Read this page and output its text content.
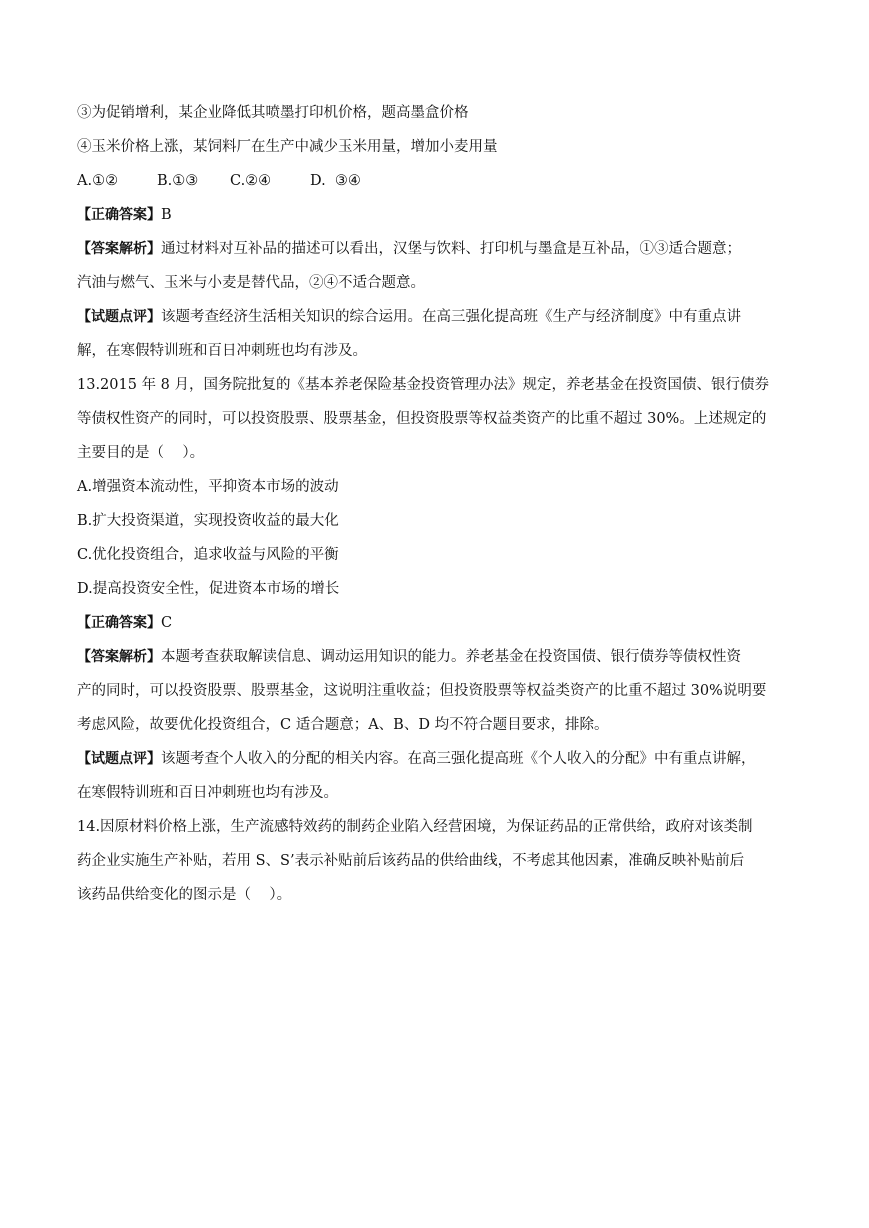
③为促销增利，某企业降低其喷墨打印机价格，题高墨盒价格
④玉米价格上涨，某饲料厂在生产中减少玉米用量，增加小麦用量
A.①②	B.①③ C.②④	D.  ③④
【正确答案】B
【答案解析】通过材料对互补品的描述可以看出，汉堡与饮料、打印机与墨盒是互补品，①③适合题意；
汽油与燃气、玉米与小麦是替代品，②④不适合题意。
【试题点评】该题考查经济生活相关知识的综合运用。在高三强化提高班《生产与经济制度》中有重点讲
解，在寒假特训班和百日冲刺班也均有涉及。
13.2015 年 8 月，国务院批复的《基本养老保险基金投资管理办法》规定，养老基金在投资国债、银行债券
等债权性资产的同时，可以投资股票、股票基金，但投资股票等权益类资产的比重不超过 30%。上述规定的
主要目的是（    ）。
A.增强资本流动性，平抑资本市场的波动
B.扩大投资渠道，实现投资收益的最大化
C.优化投资组合，追求收益与风险的平衡
D.提高投资安全性，促进资本市场的增长
【正确答案】C
【答案解析】本题考查获取解读信息、调动运用知识的能力。养老基金在投资国债、银行债券等债权性资
产的同时，可以投资股票、股票基金，这说明注重收益；但投资股票等权益类资产的比重不超过 30%说明要
考虑风险，故要优化投资组合，C 适合题意；A、B、D 均不符合题目要求，排除。
【试题点评】该题考查个人收入的分配的相关内容。在高三强化提高班《个人收入的分配》中有重点讲解，
在寒假特训班和百日冲刺班也均有涉及。
14.因原材料价格上涨，生产流感特效药的制药企业陷入经营困境，为保证药品的正常供给，政府对该类制
药企业实施生产补贴，若用 S、S’表示补贴前后该药品的供给曲线，不考虑其他因素，准确反映补贴前后
该药品供给变化的图示是（    ）。
